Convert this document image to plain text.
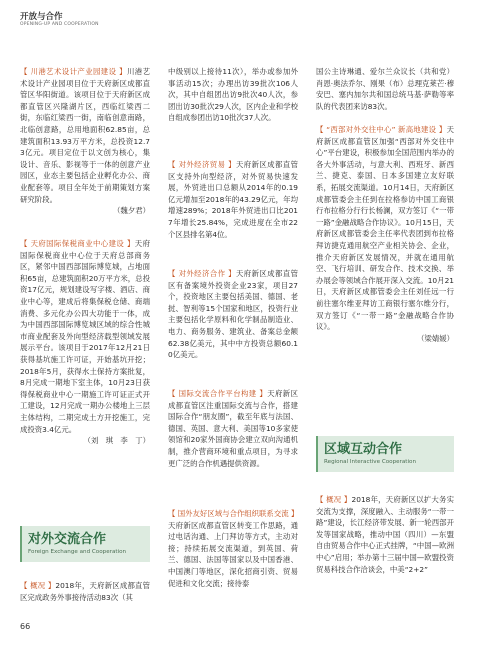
开放与合作
OPENING-UP AND COOPERATION

【 川港艺术设计产业园建设 】川港艺术设计产业园项目位于天府新区成都直管区华阳街道。该项目位于天府新区成都直管区兴隆湖片区，西临红梁西二街，东临红梁西一街，南临创意南路，北临创意路，总用地面积62.85亩，总建筑面积13.93万平方米，总投资12.73亿元。项目定位于以文创为核心，集设计、音乐、影视等于一体的创意产业园区，业态主要包括企业孵化办公、商业配套等。项目全年处于前期策划方案研究阶段。

（魏夕君）

【 天府国际保税商业中心建设 】天府国际保税商业中心位于天府总部商务区，紧邻中国西部国际博览城，占地面积65亩，总建筑面积20万平方米，总投资17亿元，规划建设写字楼、酒店、商业中心等，建成后将集保税仓储、商端消费、多元化办公四大功能于一体，成为中国西部国际博览城区域的综合性城市商业配套及外向型经济载型领域发展展示平台。该项目于2017年12月21日获得基坑施工许可证，开始基坑开挖；2018年5月，获得水土保持方案批复，8月完成一期地下室主体，10月23日获得保税商业中心一期施工许可证正式开工建设，12月完成一期办公楼地上三层主体结构，二期完成土方开挖施工，完成投资3.4亿元。

（刘　琪　李　丁）
对外交流合作
Foreign Exchange and Cooperation

【 概况 】2018年，天府新区成都直管区完成政务外事接待活动83次（其

中级别以上接待11次），举办或参加外事活动15次；办理出访39批次106人次，其中自组团出访9批次40人次，参团出访30批次29人次，区内企业和学校自组成参团出访10批次37人次。

【 对外经济贸易 】天府新区成都直管区支持外向型经济，对外贸易快速发展，外贸进出口总额从2014年的0.19亿元增加至2018年的43.29亿元，年均增速289%；2018年外贸进出口比2017年增长25.84%，完成进度在全市22个区县排名第4位。

【 对外经济合作 】天府新区成都直管区有备案境外投资企业23家，项目27个，投资地区主要包括美国、德国、老挝、智利等15个国家和地区，投资行业主要包括化学原料和化学制品制造业、电力、商务服务、建筑业、备案总金额62.38亿美元，其中中方投资总额60.10亿美元。

【 国际交流合作平台构建 】天府新区成都直管区注重国际交流与合作，搭建国际合作“朋友圈”，截至年底与法国、德国、英国、意大利、美国等10多家使领馆和20家外国商协会建立双向沟通机制，推介营商环境和重点项目，为寻求更广泛的合作机遇提供资源。

【 国外友好区域与合作组织联系交流 】天府新区成都直管区转变工作思路，通过电话沟通、上门拜访等方式，主动对接；持续拓展交流渠道，到英国、荷兰、德国、法国等国家以及中国香港、中国澳门等地区，深化招商引资、贸易促进和文化交流；接待泰

国公主诗琳通、爱尔兰众议长（共和党）肖恩·奥法乔尔、刚果（布）总理克莱芒·穆安巴、塞内加尔共和国总统马基·萨勒等率队的代表团来访83次。

【 “西部对外交往中心” 新高地建设 】天府新区成都直管区加强“西部对外交往中心”平台建设，积极参加全国范围内举办的各大外事活动，与意大利、西班牙、新西兰、捷克、泰国、日本多国建立友好联系，拓展交流渠道。10月14日，天府新区成都管委会主任到在拉格参访中国工商银行布拉格分行行长杨澜，双方签订《“一带一路”金融战略合作协议》。10月15日，天府新区成都管委会主任率代表团到布拉格拜访捷克通用航空产业相关协会、企业，推介天府新区发展情况，并就在通用航空、飞行培训、研发合作、技术交换、举办展会等领域合作展开深入交流。10月21日，天府新区成都管委会主任刘任远一行前往塞尔维亚拜访工商银行塞尔维分行，双方签订《“一带一路”金融战略合作协议》。

（梁婧媛）
区域互动合作
Regional Interactive Cooperation

【 概况 】2018年，天府新区以扩大务实交流为支撑，深度融入、主动服务“一带一路”建设，长江经济带发展、新一轮西部开发等国家战略，推动中国（四川）—东盟自由贸易合作中心正式挂牌，“中国—欧洲中心”启用；举办第十三届中国—欧盟投资贸易科技合作洽谈会，中美“2+2”

66
